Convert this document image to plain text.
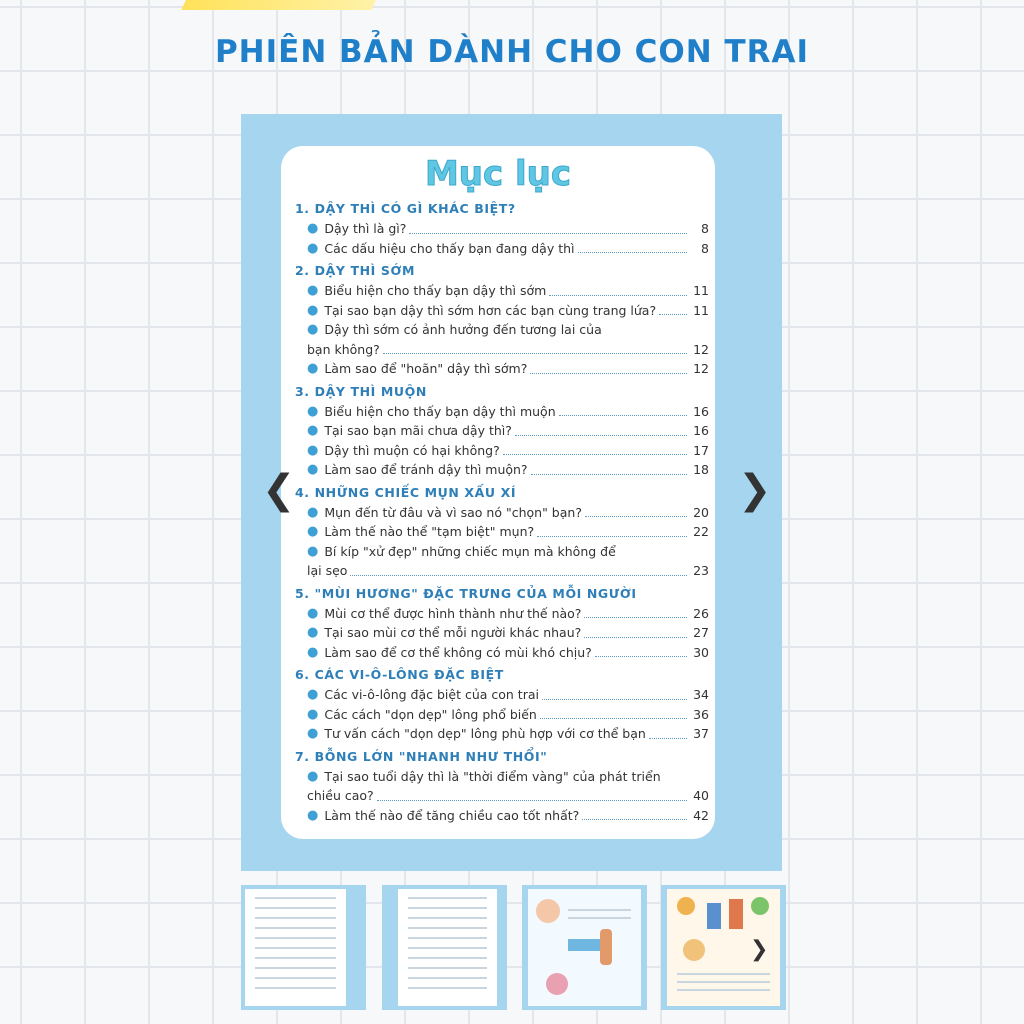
PHIÊN BẢN DÀNH CHO CON TRAI
Mục lục
1. DẬY THÌ CÓ GÌ KHÁC BIỆT?
● Dậy thì là gì?	8
● Các dấu hiệu cho thấy bạn đang dậy thì	8
2. DẬY THÌ SỚM
● Biểu hiện cho thấy bạn dậy thì sớm	11
● Tại sao bạn dậy thì sớm hơn các bạn cùng trang lứa?	11
● Dậy thì sớm có ảnh hưởng đến tương lai của
bạn không?	12
● Làm sao để "hoãn" dậy thì sớm?	12
3. DẬY THÌ MUỘN
● Biểu hiện cho thấy bạn dậy thì muộn	16
● Tại sao bạn mãi chưa dậy thì?	16
● Dậy thì muộn có hại không?	17
● Làm sao để tránh dậy thì muộn?	18
4. NHỮNG CHIẾC MỤN XẤU XÍ
● Mụn đến từ đâu và vì sao nó "chọn" bạn?	20
● Làm thế nào thể "tạm biệt" mụn?	22
● Bí kíp "xử đẹp" những chiếc mụn mà không để
lại sẹo	23
5. "MÙI HƯƠNG" ĐẶC TRƯNG CỦA MỖI NGƯỜI
● Mùi cơ thể được hình thành như thế nào?	26
● Tại sao mùi cơ thể mỗi người khác nhau?	27
● Làm sao để cơ thể không có mùi khó chịu?	30
6. CÁC VI-Ô-LÔNG ĐẶC BIỆT
● Các vi-ô-lông đặc biệt của con trai	34
● Các cách "dọn dẹp" lông phổ biến	36
● Tư vấn cách "dọn dẹp" lông phù hợp với cơ thể bạn	37
7. BỖNG LỚN "NHANH NHƯ THỔI"
● Tại sao tuổi dậy thì là "thời điểm vàng" của phát triển
chiều cao?	40
● Làm thế nào để tăng chiều cao tốt nhất?	42
❮	❯
❯
